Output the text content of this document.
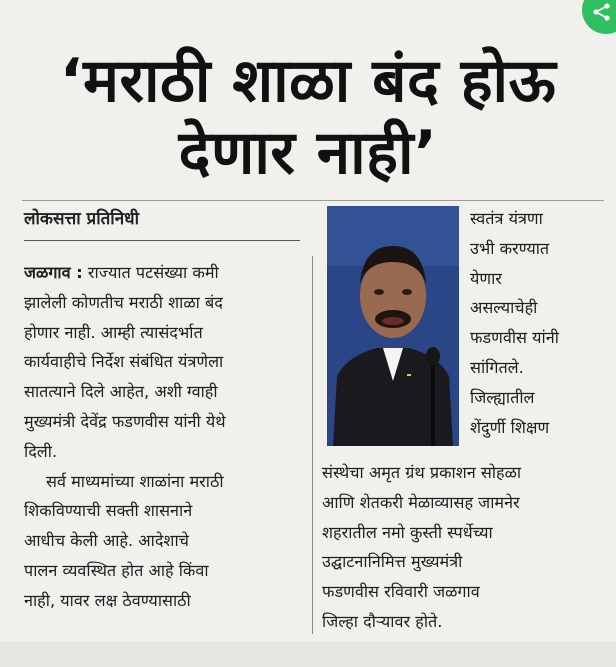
‘मराठी शाळा बंद होऊ
देणार नाही’
लोकसत्ता प्रतिनिधी
जळगाव : राज्यात पटसंख्या कमी
झालेली कोणतीच मराठी शाळा बंद
होणार नाही. आम्ही त्यासंदर्भात
कार्यवाहीचे निर्देश संबंधित यंत्रणेला
सातत्याने दिले आहेत, अशी ग्वाही
मुख्यमंत्री देवेंद्र फडणवीस यांनी येथे
दिली.
सर्व माध्यमांच्या शाळांना मराठी
शिकविण्याची सक्ती शासनाने
आधीच केली आहे. आदेशाचे
पालन व्यवस्थित होत आहे किंवा
नाही, यावर लक्ष ठेवण्यासाठी
स्वतंत्र यंत्रणा
उभी करण्यात
येणार
असल्याचेही
फडणवीस यांनी
सांगितले.
जिल्ह्यातील
शेंदुर्णी शिक्षण
संस्थेचा अमृत ग्रंथ प्रकाशन सोहळा
आणि शेतकरी मेळाव्यासह जामनेर
शहरातील नमो कुस्ती स्पर्धेच्या
उद्घाटनानिमित्त मुख्यमंत्री
फडणवीस रविवारी जळगाव
जिल्हा दौऱ्यावर होते.
